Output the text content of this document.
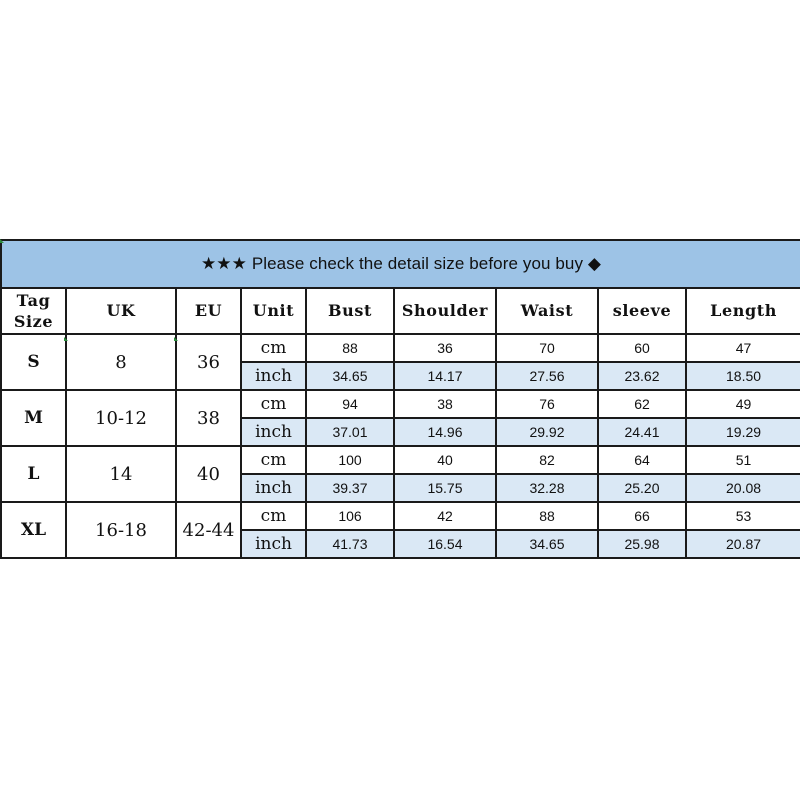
★★★ Please check the detail size before you buy ◆								
Tag
Size	UK	EU	Unit	Bust	Shoulder	Waist	sleeve	Length
S	8	36	cm	88	36	70	60	47
			inch	34.65	14.17	27.56	23.62	18.50
M	10-12	38	cm	94	38	76	62	49
			inch	37.01	14.96	29.92	24.41	19.29
L	14	40	cm	100	40	82	64	51
			inch	39.37	15.75	32.28	25.20	20.08
XL	16-18	42-44	cm	106	42	88	66	53
			inch	41.73	16.54	34.65	25.98	20.87
